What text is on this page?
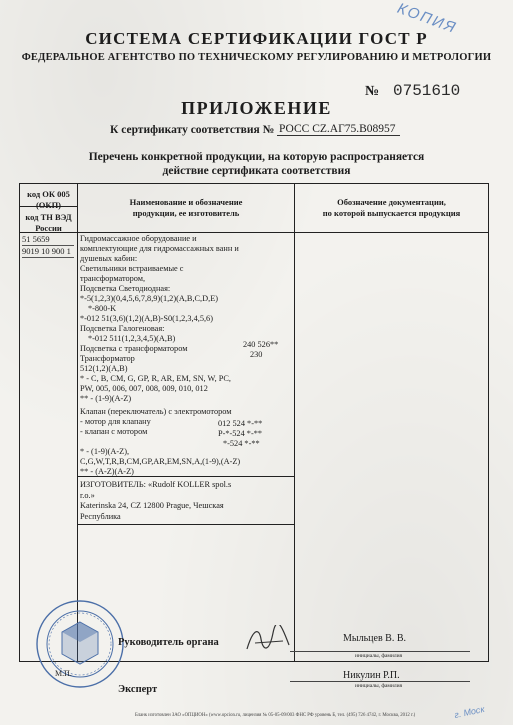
КОПИЯ
СИСТЕМА СЕРТИФИКАЦИИ ГОСТ Р
ФЕДЕРАЛЬНОЕ АГЕНТСТВО ПО ТЕХНИЧЕСКОМУ РЕГУЛИРОВАНИЮ И МЕТРОЛОГИИ
№ 0751610
ПРИЛОЖЕНИЕ
К сертификату соответствия № РОСС CZ.АГ75.В08957
Перечень конкретной продукции, на которую распространяется
действие сертификата соответствия
код ОК 005 (ОКП)
код ТН ВЭД России
Наименование и обозначение
продукции, ее изготовитель
Обозначение документации,
по которой выпускается продукция
51 5659
9019 10 900 1
Гидромассажное оборудование и
комплектующие для гидромассажных ванн и
душевых кабин:
Светильники встраиваемые с
трансформатором,
Подсветка Светодиодная:
*-5(1,2,3)(0,4,5,6,7,8,9)(1,2)(A,B,C,D,E)
*-800-K
*-012 51(3,6)(1,2)(A,B)-S0(1,2,3,4,5,6)
Подсветка Галогеновая:
*-012 511(1,2,3,4,5)(A,B)
Подсветка с трансформатором	240 526**
Трансформатор	230
512(1,2)(A,B)
* - C, B, CM, G, GP, R, AR, EM, SN, W, PC,
PW, 005, 006, 007, 008, 009, 010, 012
** - (1-9)(A-Z)
Клапан (переключатель) с электромотором
- мотор для клапану	012 524 *-**
- клапан с мотором	P-*-524 *-**
*-524 *-**
* - (1-9)(A-Z),
C,G,W,T,R,B,CM,GP,AR,EM,SN,A,(1-9),(A-Z)
** - (A-Z)(A-Z)
ИЗГОТОВИТЕЛЬ: «Rudolf KOLLER spol.s
r.o.»
Katerinska 24, CZ 12800 Prague, Чешская
Республика
М.П.
Руководитель органа
Эксперт
Мыльцев В. В.
инициалы, фамилия
Никулин Р.П.
инициалы, фамилия
Бланк изготовлен ЗАО «ОПЦИОН» (www.opcion.ru, лицензия № 05-05-09/003 ФНС РФ уровень Б, тел. (495) 726 4742, г. Москва, 2012 г.)	г. Моск
